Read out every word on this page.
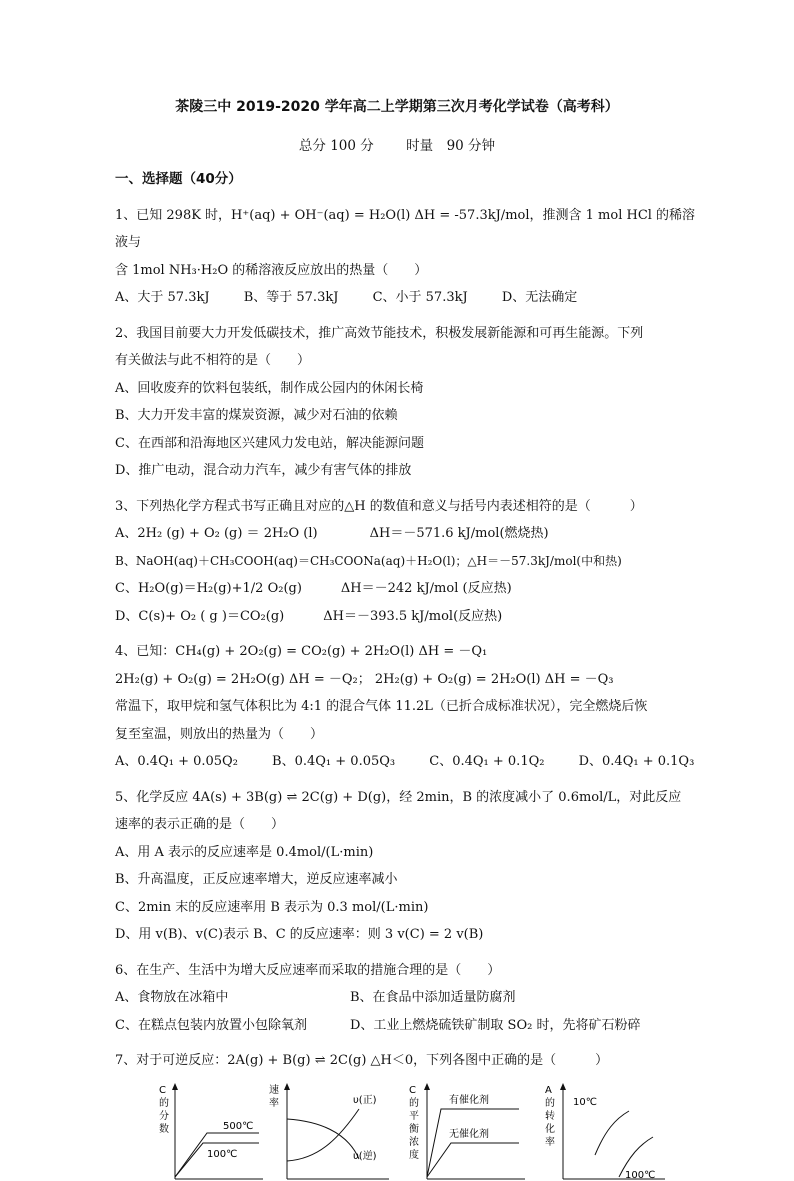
茶陵三中 2019-2020 学年高二上学期第三次月考化学试卷（高考科）
总分 100 分 时量　90 分钟
一、选择题（40分）

1、已知 298K 时，H⁺(aq) + OH⁻(aq) = H₂O(l) ΔH = -57.3kJ/mol，推测含 1 mol HCl 的稀溶液与

含 1mol NH₃·H₂O 的稀溶液反应放出的热量（　　）

A、大于 57.3kJ	B、等于 57.3kJ	C、小于 57.3kJ	D、无法确定

2、我国目前要大力开发低碳技术，推广高效节能技术，积极发展新能源和可再生能源。下列

有关做法与此不相符的是（　　）

A、回收废弃的饮料包装纸，制作成公园内的休闲长椅

B、大力开发丰富的煤炭资源，减少对石油的依赖

C、在西部和沿海地区兴建风力发电站，解决能源问题

D、推广电动，混合动力汽车，减少有害气体的排放

3、下列热化学方程式书写正确且对应的△H 的数值和意义与括号内表述相符的是（　　　）

A、2H₂ (g) + O₂ (g) ＝ 2H₂O (l)　　　　ΔH＝－571.6 kJ/mol(燃烧热)

B、NaOH(aq)＋CH₃COOH(aq)＝CH₃COONa(aq)＋H₂O(l)；△H＝－57.3kJ/mol(中和热)

C、H₂O(g)＝H₂(g)+1/2 O₂(g)　　　ΔH＝－242 kJ/mol (反应热)

D、C(s)+ O₂ ( g )＝CO₂(g)　　　ΔH＝－393.5 kJ/mol(反应热)

4、已知：CH₄(g) + 2O₂(g) = CO₂(g) + 2H₂O(l) ΔH = －Q₁

2H₂(g) + O₂(g) = 2H₂O(g) ΔH = －Q₂； 2H₂(g) + O₂(g) = 2H₂O(l) ΔH = －Q₃

常温下，取甲烷和氢气体积比为 4:1 的混合气体 11.2L（已折合成标准状况），完全燃烧后恢

复至室温，则放出的热量为（　　）

A、0.4Q₁ + 0.05Q₂	B、0.4Q₁ + 0.05Q₃	C、0.4Q₁ + 0.1Q₂	D、0.4Q₁ + 0.1Q₃

5、化学反应 4A(s) + 3B(g) ⇌ 2C(g) + D(g)，经 2min，B 的浓度减小了 0.6mol/L，对此反应

速率的表示正确的是（　　）

A、用 A 表示的反应速率是 0.4mol/(L·min)

B、升高温度，正反应速率增大，逆反应速率减小

C、2min 末的反应速率用 B 表示为 0.3 mol/(L·min)

D、用 v(B)、v(C)表示 B、C 的反应速率：则 3 v(C) = 2 v(B)

6、在生产、生活中为增大反应速率而采取的措施合理的是（　　）

A、食物放在冰箱中	B、在食品中添加适量防腐剂
C、在糕点包装内放置小包除氧剂	D、工业上燃烧硫铁矿制取 SO₂ 时，先将矿石粉碎

7、对于可逆反应：2A(g) + B(g) ⇌ 2C(g) △H＜0，下列各图中正确的是（　　　）

C
的
分
数	500℃
100℃
速
率	υ(正)
υ(逆)
C
的
平
衡
浓
度
有催化剂
无催化剂
A
的
转
化
率
10℃
100℃
